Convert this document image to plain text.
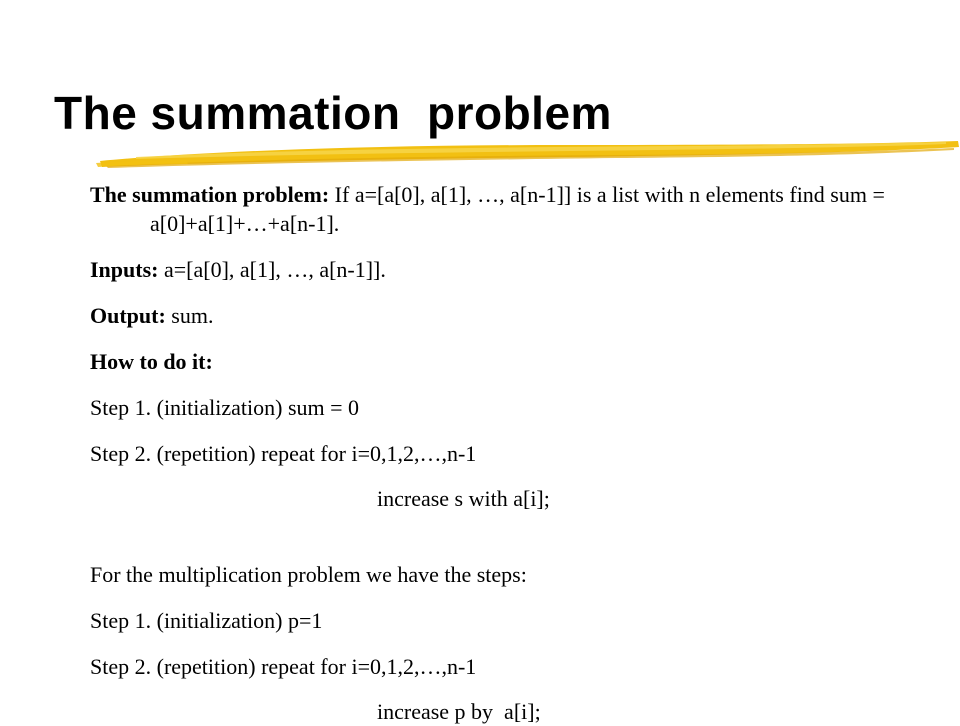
The summation  problem

The summation problem: If a=[a[0], a[1], …, a[n-1]] is a list with n elements find sum = a[0]+a[1]+…+a[n-1].

Inputs: a=[a[0], a[1], …, a[n-1]].

Output: sum.

How to do it:

Step 1. (initialization) sum = 0

Step 2. (repetition) repeat for i=0,1,2,…,n-1

increase s with a[i];

For the multiplication problem we have the steps:

Step 1. (initialization) p=1

Step 2. (repetition) repeat for i=0,1,2,…,n-1

increase p by  a[i];
